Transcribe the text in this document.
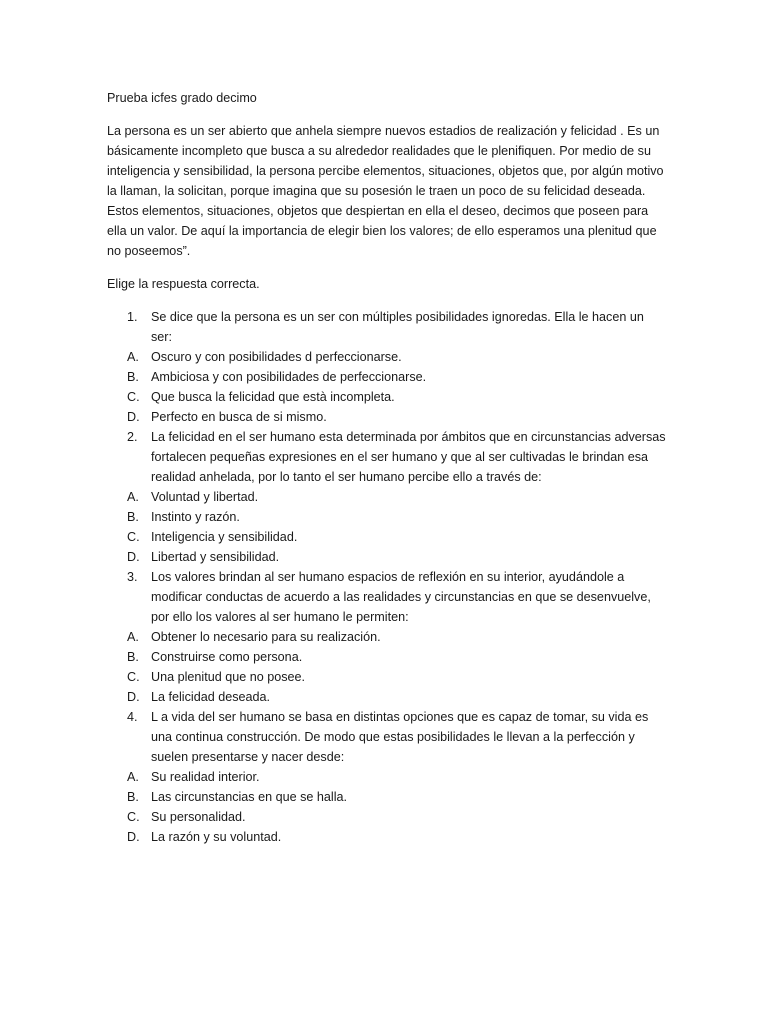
Prueba icfes grado decimo

La persona es un ser abierto que anhela siempre nuevos estadios de realización y felicidad . Es un básicamente incompleto que busca a su alrededor realidades que le plenifiquen. Por medio de su inteligencia y sensibilidad, la persona percibe elementos, situaciones, objetos que, por algún motivo la llaman, la solicitan, porque imagina que su posesión le traen un poco de su felicidad deseada. Estos elementos, situaciones, objetos que despiertan en ella el deseo, decimos que poseen para ella un valor. De aquí la importancia de elegir bien los valores; de ello esperamos una plenitud que no poseemos”.

Elige la respuesta correcta.

1.	Se dice que la persona es un ser con múltiples posibilidades ignoredas. Ella le hacen un ser:
A. Oscuro y con posibilidades d perfeccionarse.
B. Ambiciosa y con posibilidades de perfeccionarse.
C. Que busca la felicidad que està incompleta.
D. Perfecto en busca de si mismo.
2.	La felicidad en el ser humano esta determinada por ámbitos que en circunstancias adversas fortalecen pequeñas expresiones en el ser humano y que al ser cultivadas le brindan esa realidad anhelada, por lo tanto el ser humano percibe ello a través de:
A. Voluntad y libertad.
B. Instinto y razón.
C. Inteligencia y sensibilidad.
D. Libertad y sensibilidad.
3.	Los valores brindan al ser humano espacios de reflexión en su interior, ayudándole a modificar conductas de acuerdo a las realidades y circunstancias en que se desenvuelve, por ello los valores al ser humano le permiten:
A. Obtener lo necesario para su realización.
B. Construirse como persona.
C. Una plenitud que no posee.
D. La felicidad deseada.
4.	L a vida del ser humano se basa en distintas opciones que es capaz de tomar, su vida es una continua construcción. De modo que estas posibilidades le llevan a la perfección y suelen presentarse y nacer desde:
A. Su realidad interior.
B. Las circunstancias en que se halla.
C. Su personalidad.
D. La razón y su voluntad.
